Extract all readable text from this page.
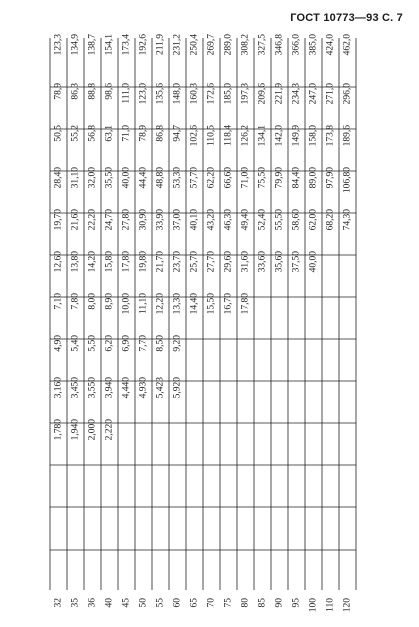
ГОСТ 10773—93 С. 7
32 35 36 40 45 50 55 60 65 70 75 80 85 90 95 100 110 120
1,780 1,940 2,000 2,220
3,160 3,450 3,550 3,940 4,440 4,930 5,423 5,920
4,90 5,40 5,50 6,20 6,90 7,70 8,50 9,20
7,10 7,80 8,00 8,90 10,00 11,10 12,20 13,30 14,40 15,50 16,70 17,80
12,60 13,80 14,20 15,80 17,80 19,80 21,70 23,70 25,70 27,70 29,60 31,60 33,60 35,60 37,50 40,00
19,70 21,60 22,20 24,70 27,80 30,90 33,90 37,00 40,10 43,20 46,30 49,40 52,40 55,50 58,60 62,00 68,20 74,30
28,40 31,10 32,00 35,50 40,00 44,40 48,80 53,30 57,70 62,20 66,60 71,00 75,50 79,90 84,40 89,00 97,90 106,80
50,5 55,2 56,8 63,1 71,0 78,9 86,8 94,7 102,6 110,5 118,4 126,2 134,1 142,0 149,9 158,0 173,8 189,6
78,9 86,3 88,8 98,6 111,0 123,0 135,6 148,0 160,3 172,6 185,0 197,3 209,6 221,9 234,3 247,0 271,0 296,0
123,3 134,9 138,7 154,1 173,4 192,6 211,9 231,2 250,4 269,7 289,0 308,2 327,5 346,8 366,0 385,0 424,0 462,0
